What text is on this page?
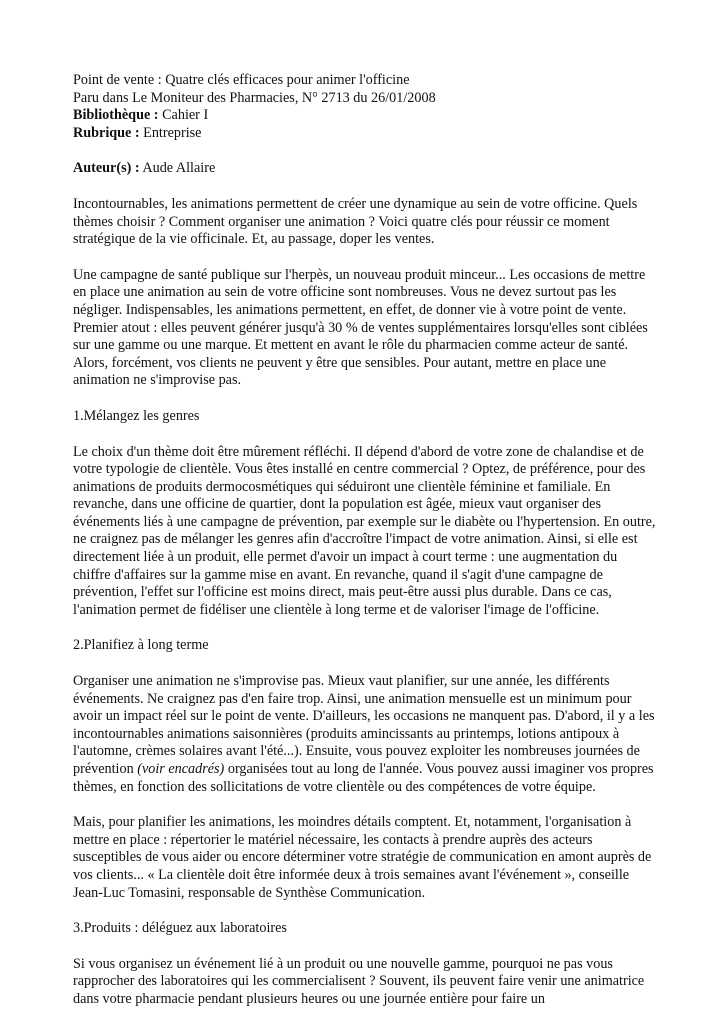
Point de vente : Quatre clés efficaces pour animer l'officine

Paru dans Le Moniteur des Pharmacies, N° 2713 du 26/01/2008

Bibliothèque : Cahier I

Rubrique : Entreprise

Auteur(s) : Aude Allaire

Incontournables, les animations permettent de créer une dynamique au sein de votre officine. Quels thèmes choisir ? Comment organiser une animation ? Voici quatre clés pour réussir ce moment stratégique de la vie officinale. Et, au passage, doper les ventes.

Une campagne de santé publique sur l'herpès, un nouveau produit minceur... Les occasions de mettre en place une animation au sein de votre officine sont nombreuses. Vous ne devez surtout pas les négliger. Indispensables, les animations permettent, en effet, de donner vie à votre point de vente. Premier atout : elles peuvent générer jusqu'à 30 % de ventes supplémentaires lorsqu'elles sont ciblées sur une gamme ou une marque. Et mettent en avant le rôle du pharmacien comme acteur de santé. Alors, forcément, vos clients ne peuvent y être que sensibles. Pour autant, mettre en place une animation ne s'improvise pas.

1.Mélangez les genres

Le choix d'un thème doit être mûrement réfléchi. Il dépend d'abord de votre zone de chalandise et de votre typologie de clientèle. Vous êtes installé en centre commercial ? Optez, de préférence, pour des animations de produits dermocosmétiques qui séduiront une clientèle féminine et familiale. En revanche, dans une officine de quartier, dont la population est âgée, mieux vaut organiser des événements liés à une campagne de prévention, par exemple sur le diabète ou l'hypertension. En outre, ne craignez pas de mélanger les genres afin d'accroître l'impact de votre animation. Ainsi, si elle est directement liée à un produit, elle permet d'avoir un impact à court terme : une augmentation du chiffre d'affaires sur la gamme mise en avant. En revanche, quand il s'agit d'une campagne de prévention, l'effet sur l'officine est moins direct, mais peut-être aussi plus durable. Dans ce cas, l'animation permet de fidéliser une clientèle à long terme et de valoriser l'image de l'officine.

2.Planifiez à long terme

Organiser une animation ne s'improvise pas. Mieux vaut planifier, sur une année, les différents événements. Ne craignez pas d'en faire trop. Ainsi, une animation mensuelle est un minimum pour avoir un impact réel sur le point de vente. D'ailleurs, les occasions ne manquent pas. D'abord, il y a les incontournables animations saisonnières (produits amincissants au printemps, lotions antipoux à l'automne, crèmes solaires avant l'été...). Ensuite, vous pouvez exploiter les nombreuses journées de prévention (voir encadrés) organisées tout au long de l'année. Vous pouvez aussi imaginer vos propres thèmes, en fonction des sollicitations de votre clientèle ou des compétences de votre équipe.

Mais, pour planifier les animations, les moindres détails comptent. Et, notamment, l'organisation à mettre en place : répertorier le matériel nécessaire, les contacts à prendre auprès des acteurs susceptibles de vous aider ou encore déterminer votre stratégie de communication en amont auprès de vos clients... « La clientèle doit être informée deux à trois semaines avant l'événement », conseille Jean-Luc Tomasini, responsable de Synthèse Communication.

3.Produits : déléguez aux laboratoires

Si vous organisez un événement lié à un produit ou une nouvelle gamme, pourquoi ne pas vous rapprocher des laboratoires qui les commercialisent ? Souvent, ils peuvent faire venir une animatrice dans votre pharmacie pendant plusieurs heures ou une journée entière pour faire un
